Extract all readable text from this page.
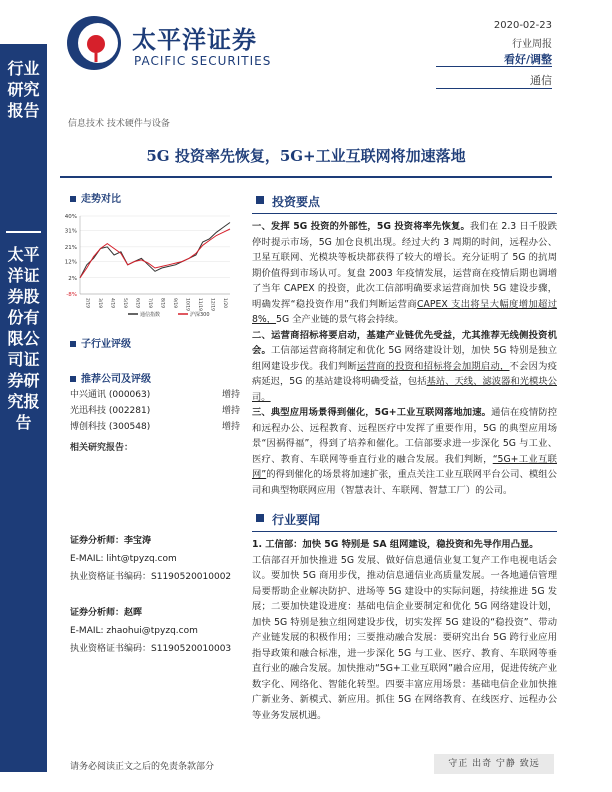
行业研究报告
太平洋证券股份有限公司证券研究报告
太平洋证券
PACIFIC SECURITIES
2020-02-23
行业周报
看好/调整
通信
信息技术 技术硬件与设备
5G 投资率先恢复，5G+工业互联网将加速落地
走势对比
40%
31%
21%
12%
2%
-8%
2/19 3/19 4/19 5/19 6/19 7/19 8/19 9/19 10/19 11/19 12/19 1/20
通信指数	沪深300
子行业评级
推荐公司及评级
中兴通讯 (000063)	增持
光迅科技 (002281)	增持
博创科技 (300548)	增持
相关研究报告：
证券分析师：李宝涛
E-MAIL: liht@tpyzq.com
执业资格证书编码：S1190520010002
证券分析师：赵晖
E-MAIL: zhaohui@tpyzq.com
执业资格证书编码：S1190520010003
投资要点

一、发挥 5G 投资的外部性，5G 投资将率先恢复。我们在 2.3 日千股跌停时提示市场，5G 加仓良机出现。经过大约 3 周期的时间，远程办公、卫星互联网、光模块等板块都获得了较大的增长。充分证明了 5G 的抗周期价值得到市场认可。复盘 2003 年疫情发展，运营商在疫情后期也调增了当年 CAPEX 的投资，此次工信部明确要求运营商加快 5G 建设步骤，明确发挥“稳投资作用”我们判断运营商CAPEX 支出将呈大幅度增加超过 8%，5G 全产业链的景气将会持续。

二、运营商招标将要启动，基建产业链优先受益，尤其推荐无线侧投资机会。工信部运营商将制定和优化 5G 网络建设计划，加快 5G 特别是独立组网建设步伐。我们判断运营商的投资和招标将会加期启动，不会因为疫病延迟，5G 的基站建设将明确受益，包括基站、天线、滤波器和光模块公司。

三、典型应用场景得到催化，5G+工业互联网落地加速。通信在疫情防控和远程办公、远程教育、远程医疗中发挥了重要作用，5G 的典型应用场景“因祸得福”，得到了培养和催化。工信部要求进一步深化 5G 与工业、医疗、教育、车联网等垂直行业的融合发展。我们判断，“5G+工业互联网”的得到催化的场景将加速扩张，重点关注工业互联网平台公司、模组公司和典型物联网应用（智慧表计、车联网、智慧工厂）的公司。

行业要闻

1. 工信部：加快 5G 特别是 SA 组网建设，稳投资和先导作用凸显。
工信部召开加快推进 5G 发展、做好信息通信业复工复产工作电视电话会议。要加快 5G 商用步伐，推动信息通信业高质量发展。一各地通信管理局要帮助企业解决防护、进场等 5G 建设中的实际问题，持续推进 5G 发展；二要加快建设进度：基础电信企业要制定和优化 5G 网络建设计划，加快 5G 特别是独立组网建设步伐，切实发挥 5G 建设的“稳投资”、带动产业链发展的积极作用；三要推动融合发展：要研究出台 5G 跨行业应用指导政策和融合标准，进一步深化 5G 与工业、医疗、教育、车联网等垂直行业的融合发展。加快推动“5G+工业互联网”融合应用，促进传统产业数字化、网络化、智能化转型。四要丰富应用场景：基础电信企业加快推广新业务、新模式、新应用。抓住 5G 在网络教育、在线医疗、远程办公等业务发展机遇。

请务必阅读正文之后的免责条款部分	守正 出奇 宁静 致远
